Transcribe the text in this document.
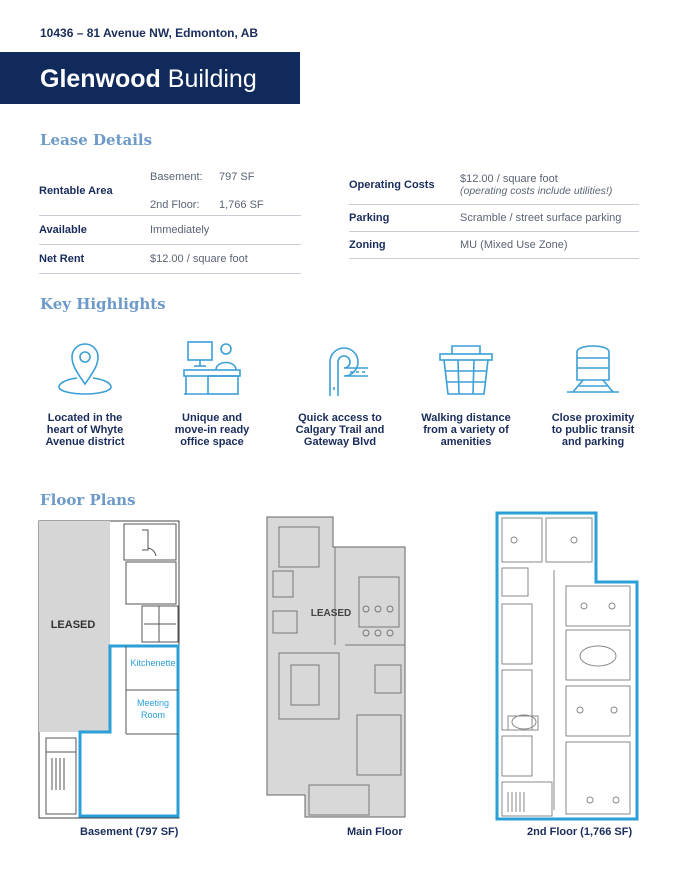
10436 – 81 Avenue NW, Edmonton, AB
Glenwood Building
Lease Details
Rentable Area
Basement:	797 SF
2nd Floor:	1,766 SF
Available	Immediately
Net Rent	$12.00 / square foot
Operating Costs	$12.00 / square foot
(operating costs include utilities!)
Parking	Scramble / street surface parking
Zoning	MU (Mixed Use Zone)
Key Highlights
Located in the
heart of Whyte
Avenue district
Unique and
move-in ready
office space
Quick access to
Calgary Trail and
Gateway Blvd
Walking distance
from a variety of
amenities
Close proximity
to public transit
and parking
Floor Plans
LEASED
Kitchenette
Meeting
Room
LEASED
Basement (797 SF)	Main Floor	2nd Floor (1,766 SF)
